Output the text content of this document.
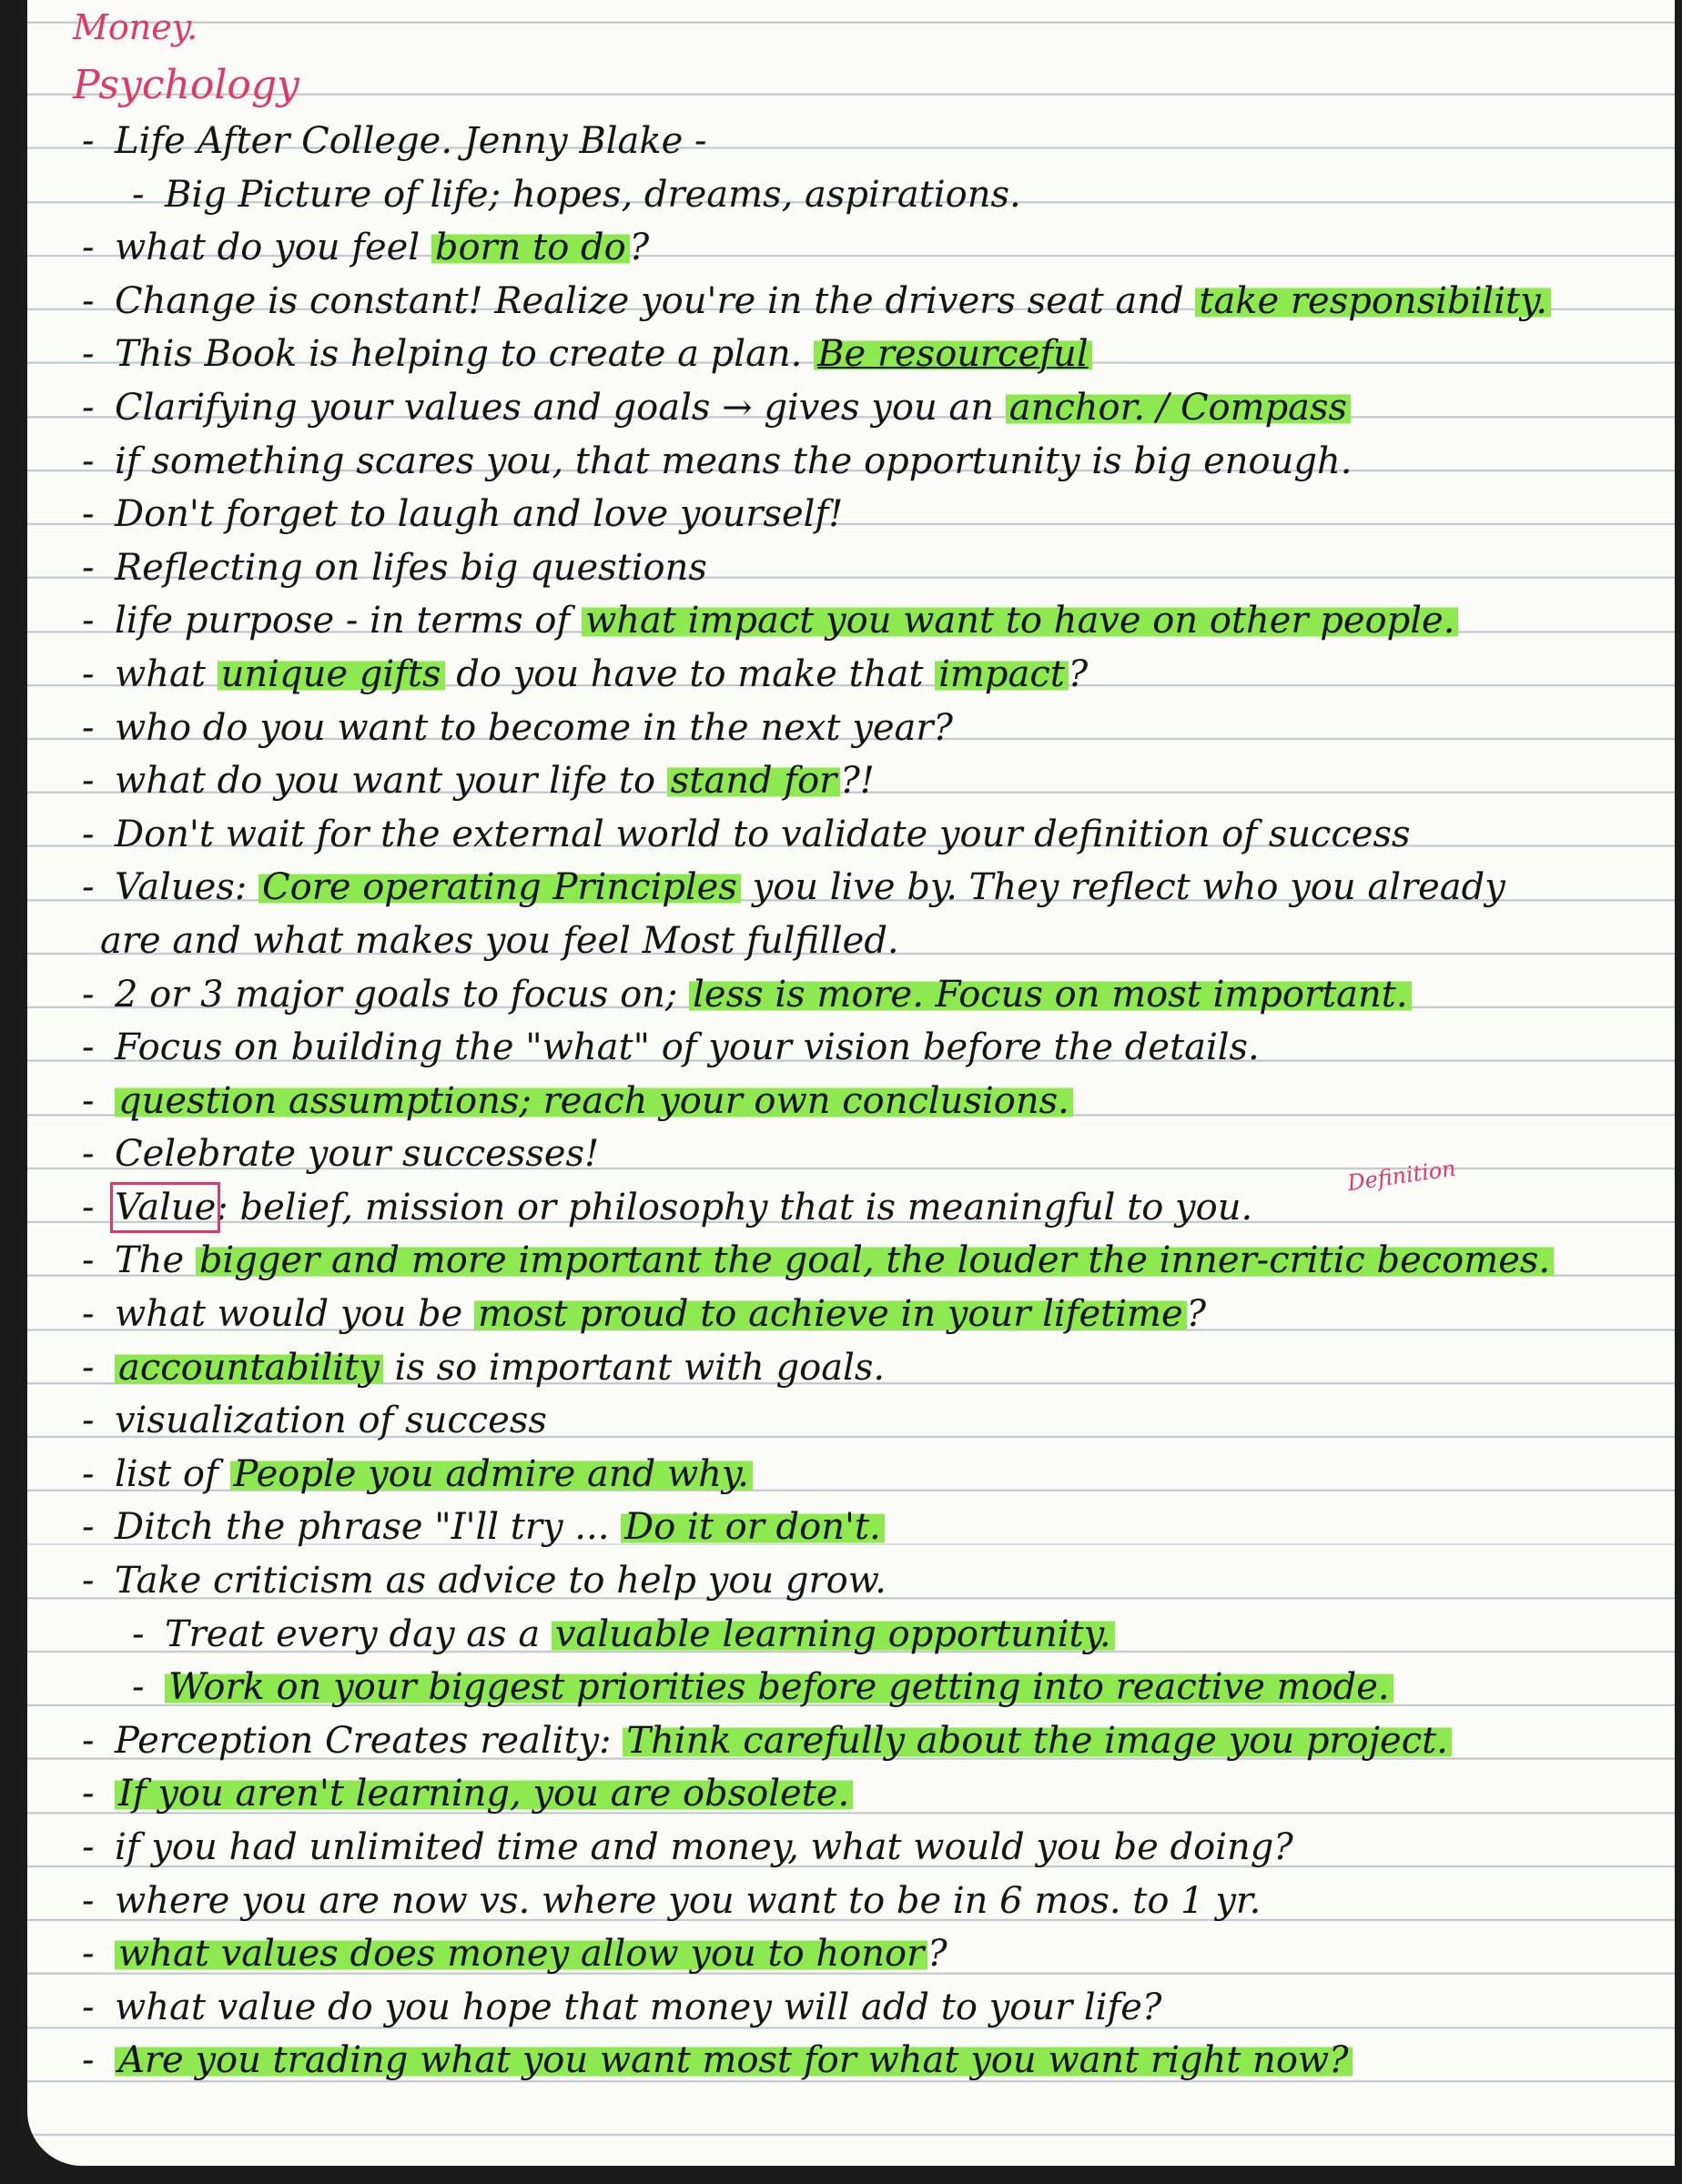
Money.
Psychology
Definition
- Life After College. Jenny Blake -
- Big Picture of life; hopes, dreams, aspirations.
- what do you feel born to do ?
- Change is constant! Realize you're in the drivers seat and take responsibility.
- This Book is helping to create a plan. Be resourceful
- Clarifying your values and goals → gives you an anchor. / Compass
- if something scares you, that means the opportunity is big enough.
- Don't forget to laugh and love yourself!
- Reflecting on lifes big questions
- life purpose - in terms of what impact you want to have on other people.
- what unique gifts do you have to make that impact ?
- who do you want to become in the next year?
- what do you want your life to stand for ?!
- Don't wait for the external world to validate your definition of success
- Values: Core operating Principles you live by. They reflect who you already
are and what makes you feel Most fulfilled.
- 2 or 3 major goals to focus on; less is more. Focus on most important.
- Focus on building the "what" of your vision before the details.
- question assumptions; reach your own conclusions.
- Celebrate your successes!
- Value: belief, mission or philosophy that is meaningful to you.
- The bigger and more important the goal, the louder the inner-critic becomes.
- what would you be most proud to achieve in your lifetime ?
- accountability is so important with goals.
- visualization of success
- list of People you admire and why.
- Ditch the phrase "I'll try ... Do it or don't.
- Take criticism as advice to help you grow.
- Treat every day as a valuable learning opportunity.
- Work on your biggest priorities before getting into reactive mode.
- Perception Creates reality: Think carefully about the image you project.
- If you aren't learning, you are obsolete.
- if you had unlimited time and money, what would you be doing?
- where you are now vs. where you want to be in 6 mos. to 1 yr.
- what values does money allow you to honor ?
- what value do you hope that money will add to your life?
- Are you trading what you want most for what you want right now?
